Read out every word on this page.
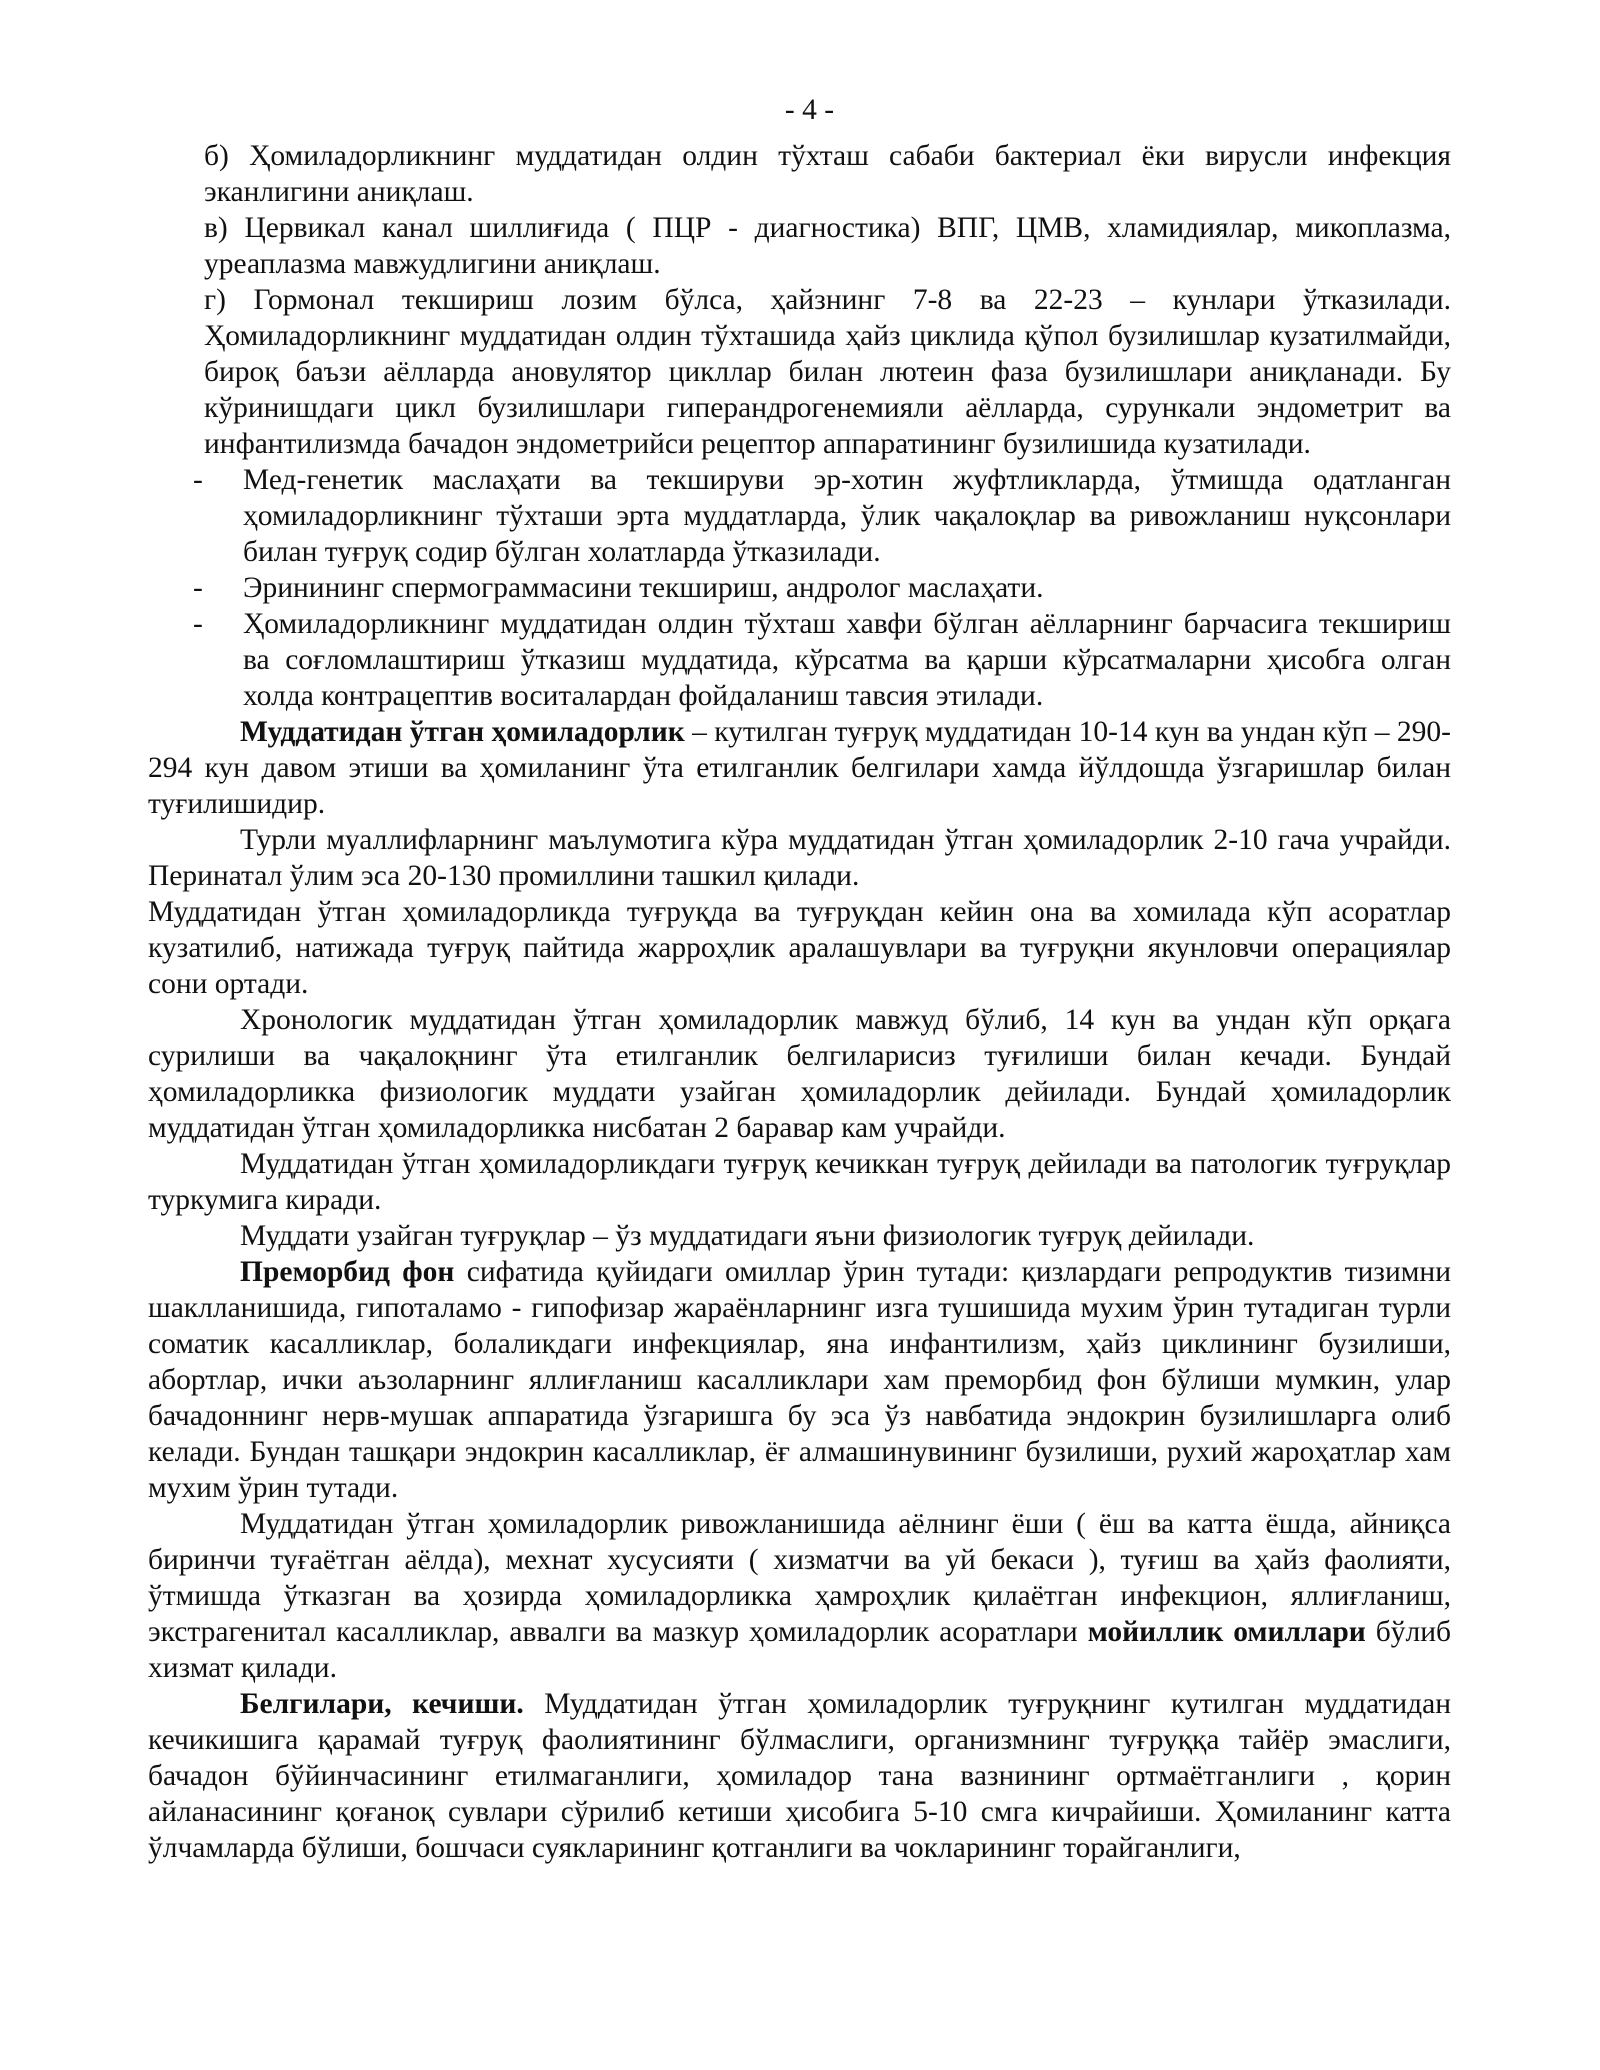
- 4 -

б) Ҳомиладорликнинг муддатидан олдин тўхташ сабаби бактериал ёки вирусли инфекция эканлигини аниқлаш.

в) Цервикал канал шиллиғида ( ПЦР - диагностика) ВПГ, ЦМВ, хламидиялар, микоплазма, уреаплазма мавжудлигини аниқлаш.

г) Гормонал текшириш лозим бўлса, ҳайзнинг 7-8 ва 22-23 – кунлари ўтказилади. Ҳомиладорликнинг муддатидан олдин тўхташида ҳайз циклида қўпол бузилишлар кузатилмайди, бироқ баъзи аёлларда ановулятор цикллар билан лютеин фаза бузилишлари аниқланади. Бу кўринишдаги цикл бузилишлари гиперандрогенемияли аёлларда, сурункали эндометрит ва инфантилизмда бачадон эндометрийси рецептор аппаратининг бузилишида кузатилади.

- Мед-генетик маслаҳати ва текшируви эр-хотин жуфтликларда, ўтмишда одатланган ҳомиладорликнинг тўхташи эрта муддатларда, ўлик чақалоқлар ва ривожланиш нуқсонлари билан туғруқ содир бўлган холатларда ўтказилади.
- Эринининг спермограммасини текшириш, андролог маслаҳати.
- Ҳомиладорликнинг муддатидан олдин тўхташ хавфи бўлган аёлларнинг барчасига текшириш ва соғломлаштириш ўтказиш муддатида, кўрсатма ва қарши кўрсатмаларни ҳисобга олган холда контрацептив воситалардан фойдаланиш тавсия этилади.

Муддатидан ўтган ҳомиладорлик – кутилган туғруқ муддатидан 10-14 кун ва ундан кўп – 290-294 кун давом этиши ва ҳомиланинг ўта етилганлик белгилари хамда йўлдошда ўзгаришлар билан туғилишидир.

Турли муаллифларнинг маълумотига кўра муддатидан ўтган ҳомиладорлик 2-10 гача учрайди. Перинатал ўлим эса 20-130 промиллини ташкил қилади.

Муддатидан ўтган ҳомиладорликда туғруқда ва туғруқдан кейин она ва хомилада кўп асоратлар кузатилиб, натижада туғруқ пайтида жарроҳлик аралашувлари ва туғруқни якунловчи операциялар сони ортади.

Хронологик муддатидан ўтган ҳомиладорлик мавжуд бўлиб, 14 кун ва ундан кўп орқага сурилиши ва чақалоқнинг ўта етилганлик белгиларисиз туғилиши билан кечади. Бундай ҳомиладорликка физиологик муддати узайган ҳомиладорлик дейилади. Бундай ҳомиладорлик муддатидан ўтган ҳомиладорликка нисбатан 2 баравар кам учрайди.

Муддатидан ўтган ҳомиладорликдаги туғруқ кечиккан туғруқ дейилади ва патологик туғруқлар туркумига киради.

Муддати узайган туғруқлар – ўз муддатидаги яъни физиологик туғруқ дейилади.

Преморбид фон сифатида қуйидаги омиллар ўрин тутади: қизлардаги репродуктив тизимни шаклланишида, гипоталамо - гипофизар жараёнларнинг изга тушишида мухим ўрин тутадиган турли соматик касалликлар, болаликдаги инфекциялар, яна инфантилизм, ҳайз циклининг бузилиши, абортлар, ички аъзоларнинг яллиғланиш касалликлари хам преморбид фон бўлиши мумкин, улар бачадоннинг нерв-мушак аппаратида ўзгаришга бу эса ўз навбатида эндокрин бузилишларга олиб келади. Бундан ташқари эндокрин касалликлар, ёғ алмашинувининг бузилиши, рухий жароҳатлар хам мухим ўрин тутади.

Муддатидан ўтган ҳомиладорлик ривожланишида аёлнинг ёши ( ёш ва катта ёшда, айниқса биринчи туғаётган аёлда), мехнат хусусияти ( хизматчи ва уй бекаси ), туғиш ва ҳайз фаолияти, ўтмишда ўтказган ва ҳозирда ҳомиладорликка ҳамроҳлик қилаётган инфекцион, яллиғланиш, экстрагенитал касалликлар, аввалги ва мазкур ҳомиладорлик асоратлари мойиллик омиллари бўлиб хизмат қилади.

Белгилари, кечиши. Муддатидан ўтган ҳомиладорлик туғруқнинг кутилган муддатидан кечикишига қарамай туғруқ фаолиятининг бўлмаслиги, организмнинг туғруққа тайёр эмаслиги, бачадон бўйинчасининг етилмаганлиги, ҳомиладор тана вазнининг ортмаётганлиги , қорин айланасининг қоғаноқ сувлари сўрилиб кетиши ҳисобига 5-10 смга кичрайиши. Ҳомиланинг катта ўлчамларда бўлиши, бошчаси суякларининг қотганлиги ва чокларининг торайганлиги,
